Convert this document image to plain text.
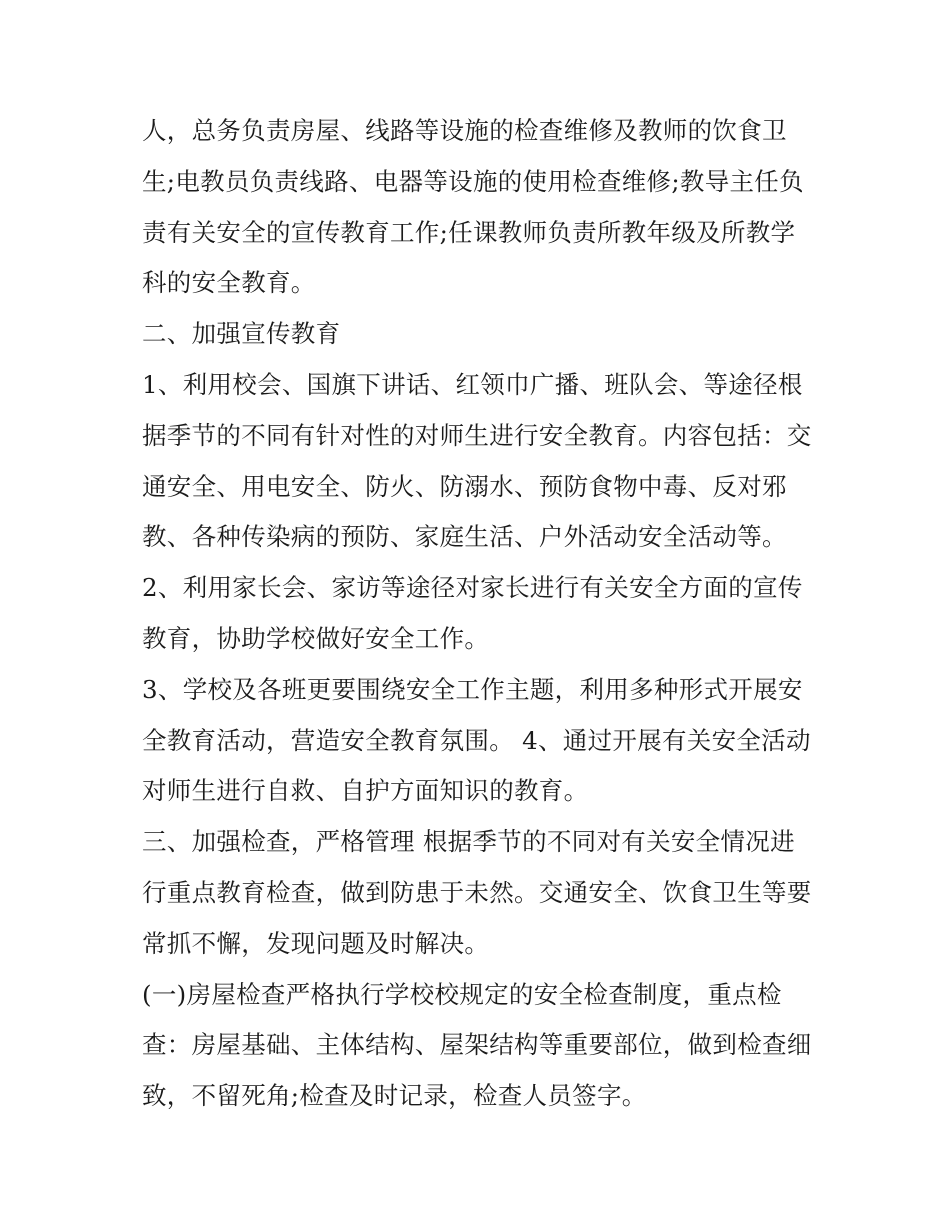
人，总务负责房屋、线路等设施的检查维修及教师的饮食卫
生;电教员负责线路、电器等设施的使用检查维修;教导主任负
责有关安全的宣传教育工作;任课教师负责所教年级及所教学
科的安全教育。
二、加强宣传教育
1、利用校会、国旗下讲话、红领巾广播、班队会、等途径根
据季节的不同有针对性的对师生进行安全教育。内容包括：交
通安全、用电安全、防火、防溺水、预防食物中毒、反对邪
教、各种传染病的预防、家庭生活、户外活动安全活动等。
2、利用家长会、家访等途径对家长进行有关安全方面的宣传
教育，协助学校做好安全工作。
3、学校及各班更要围绕安全工作主题，利用多种形式开展安
全教育活动，营造安全教育氛围。 4、通过开展有关安全活动
对师生进行自救、自护方面知识的教育。
三、加强检查，严格管理 根据季节的不同对有关安全情况进
行重点教育检查，做到防患于未然。交通安全、饮食卫生等要
常抓不懈，发现问题及时解决。
(一)房屋检查严格执行学校校规定的安全检查制度，重点检
查：房屋基础、主体结构、屋架结构等重要部位，做到检查细
致，不留死角;检查及时记录，检查人员签字。
